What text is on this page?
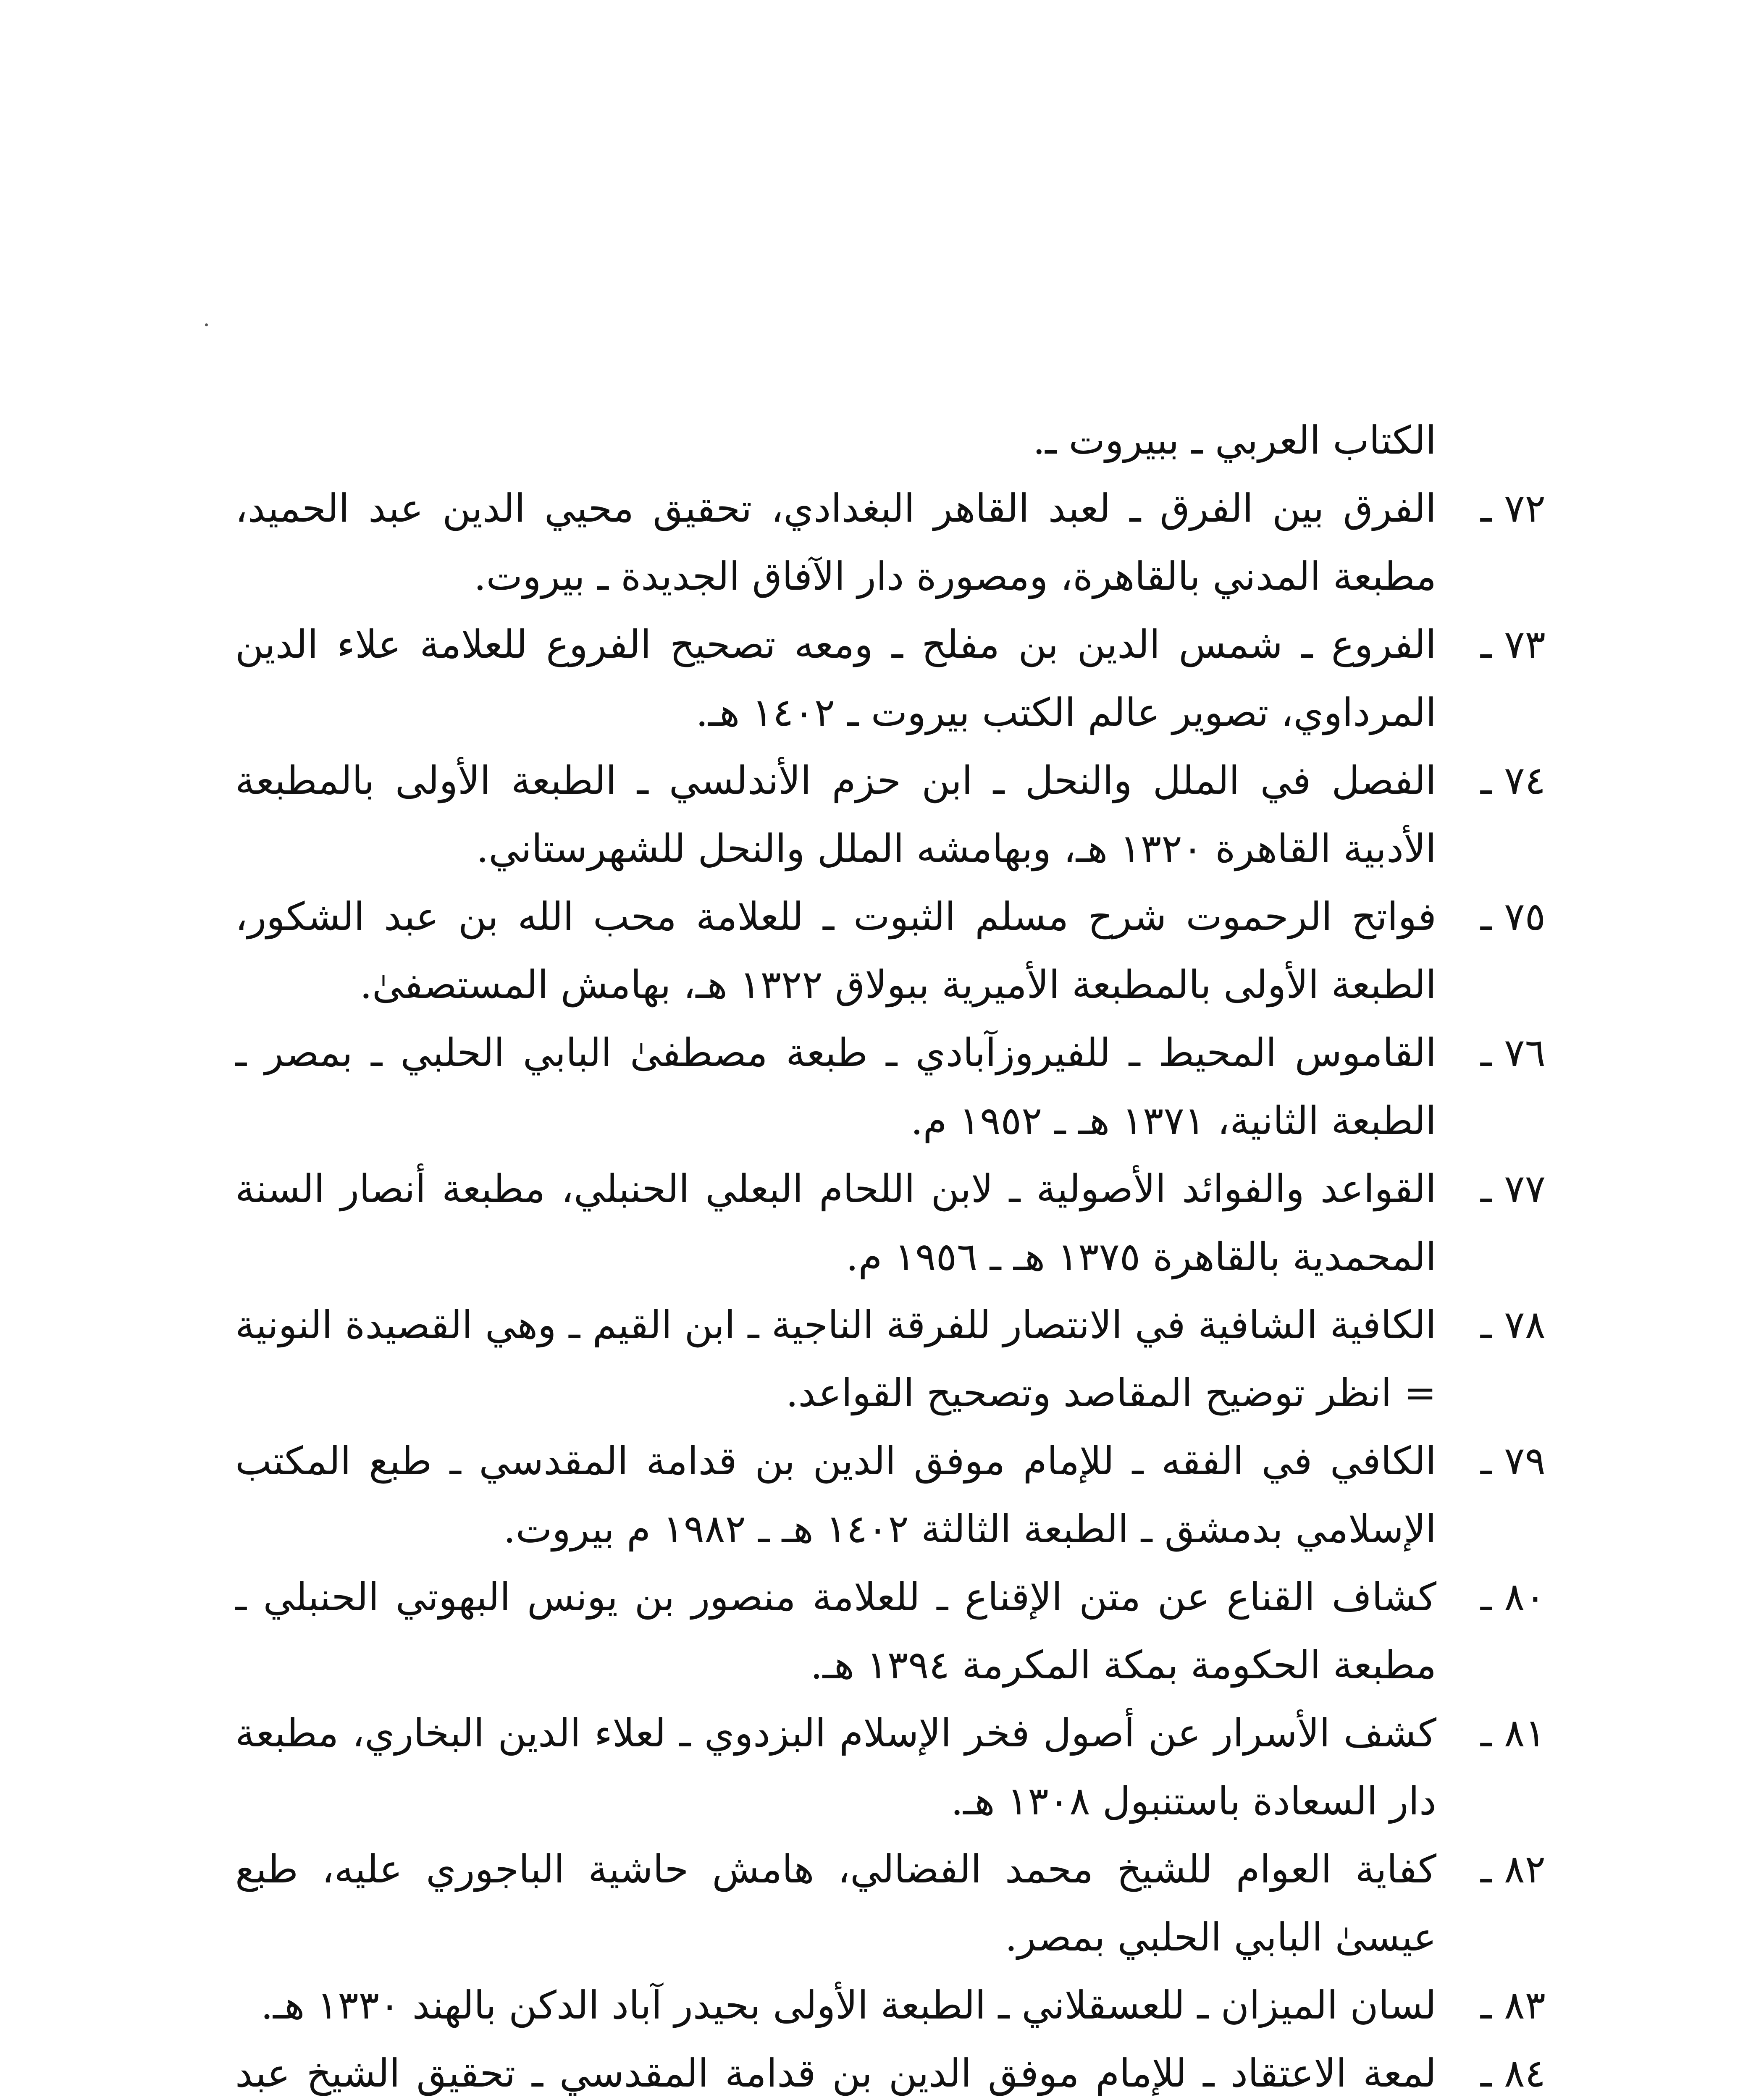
الكتاب العربي ـ ببيروت ـ.

٧٢ ـ
الفرق بين الفرق ـ لعبد القاهر البغدادي، تحقيق محيي الدين عبد الحميد، مطبعة المدني بالقاهرة، ومصورة دار الآفاق الجديدة ـ بيروت.

٧٣ ـ
الفروع ـ شمس الدين بن مفلح ـ ومعه تصحيح الفروع للعلامة علاء الدين المرداوي، تصوير عالم الكتب بيروت ـ ١٤٠٢ هـ.

٧٤ ـ
الفصل في الملل والنحل ـ ابن حزم الأندلسي ـ الطبعة الأولى بالمطبعة الأدبية القاهرة ١٣٢٠ هـ، وبهامشه الملل والنحل للشهرستاني.

٧٥ ـ
فواتح الرحموت شرح مسلم الثبوت ـ للعلامة محب الله بن عبد الشكور، الطبعة الأولى بالمطبعة الأميرية ببولاق ١٣٢٢ هـ، بهامش المستصفىٰ.

٧٦ ـ
القاموس المحيط ـ للفيروزآبادي ـ طبعة مصطفىٰ البابي الحلبي ـ بمصر ـ الطبعة الثانية، ١٣٧١ هـ ـ ١٩٥٢ م.

٧٧ ـ
القواعد والفوائد الأصولية ـ لابن اللحام البعلي الحنبلي، مطبعة أنصار السنة المحمدية بالقاهرة ١٣٧٥ هـ ـ ١٩٥٦ م.

٧٨ ـ
الكافية الشافية في الانتصار للفرقة الناجية ـ ابن القيم ـ وهي القصيدة النونية = انظر توضيح المقاصد وتصحيح القواعد.

٧٩ ـ
الكافي في الفقه ـ للإمام موفق الدين بن قدامة المقدسي ـ طبع المكتب الإسلامي بدمشق ـ الطبعة الثالثة ١٤٠٢ هـ ـ ١٩٨٢ م بيروت.

٨٠ ـ
كشاف القناع عن متن الإقناع ـ للعلامة منصور بن يونس البهوتي الحنبلي ـ مطبعة الحكومة بمكة المكرمة ١٣٩٤ هـ.

٨١ ـ
كشف الأسرار عن أصول فخر الإسلام البزدوي ـ لعلاء الدين البخاري، مطبعة دار السعادة باستنبول ١٣٠٨ هـ.

٨٢ ـ
كفاية العوام للشيخ محمد الفضالي، هامش حاشية الباجوري عليه، طبع عيسىٰ البابي الحلبي بمصر.

٨٣ ـ
لسان الميزان ـ للعسقلاني ـ الطبعة الأولى بحيدر آباد الدكن بالهند ١٣٣٠ هـ.

٨٤ ـ
لمعة الاعتقاد ـ للإمام موفق الدين بن قدامة المقدسي ـ تحقيق الشيخ عبد
